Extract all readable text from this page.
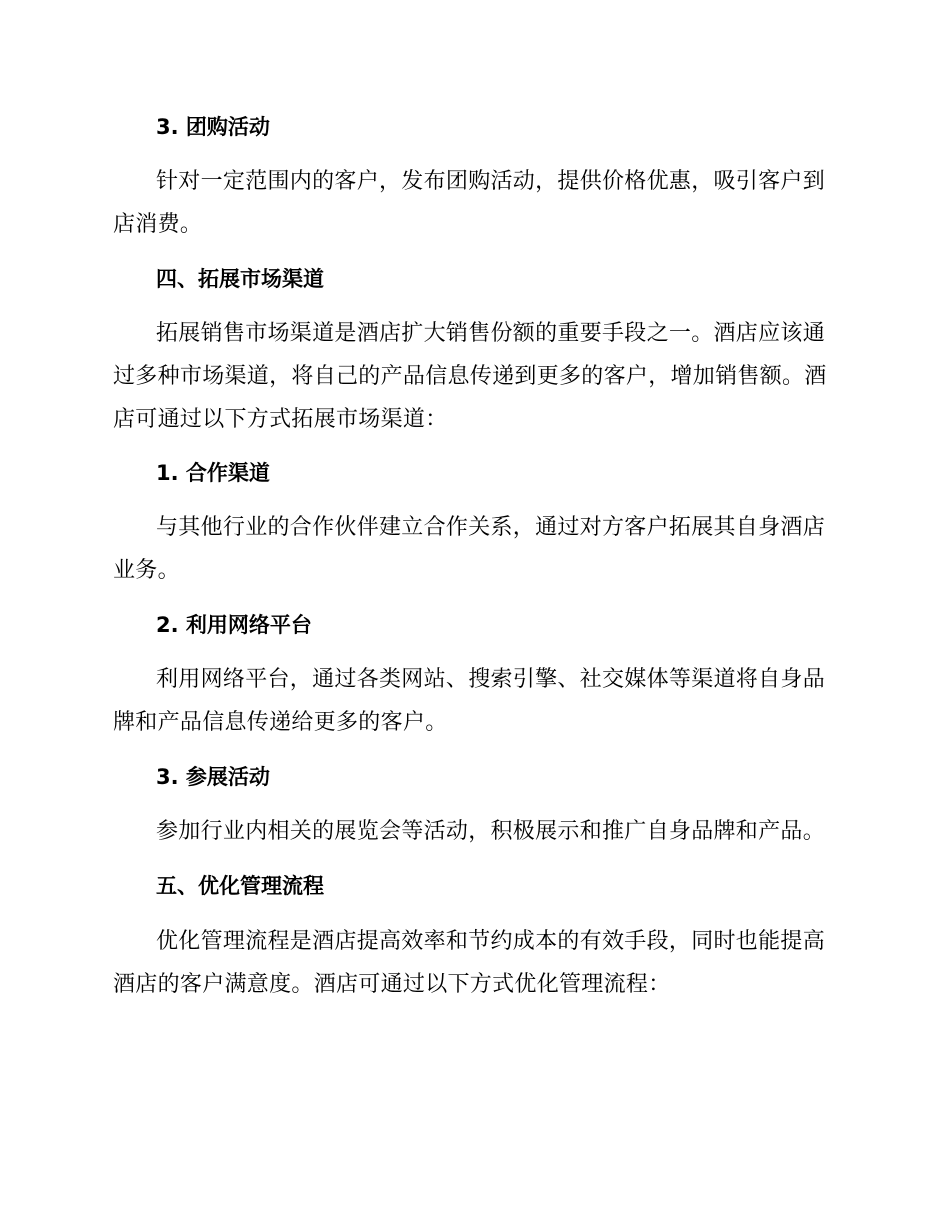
3. 团购活动
针对一定范围内的客户，发布团购活动，提供价格优惠，吸引客户到店消费。
四、拓展市场渠道
拓展销售市场渠道是酒店扩大销售份额的重要手段之一。酒店应该通过多种市场渠道，将自己的产品信息传递到更多的客户，增加销售额。酒店可通过以下方式拓展市场渠道：
1. 合作渠道
与其他行业的合作伙伴建立合作关系，通过对方客户拓展其自身酒店业务。
2. 利用网络平台
利用网络平台，通过各类网站、搜索引擎、社交媒体等渠道将自身品牌和产品信息传递给更多的客户。
3. 参展活动
参加行业内相关的展览会等活动，积极展示和推广自身品牌和产品。
五、优化管理流程
优化管理流程是酒店提高效率和节约成本的有效手段，同时也能提高酒店的客户满意度。酒店可通过以下方式优化管理流程：
